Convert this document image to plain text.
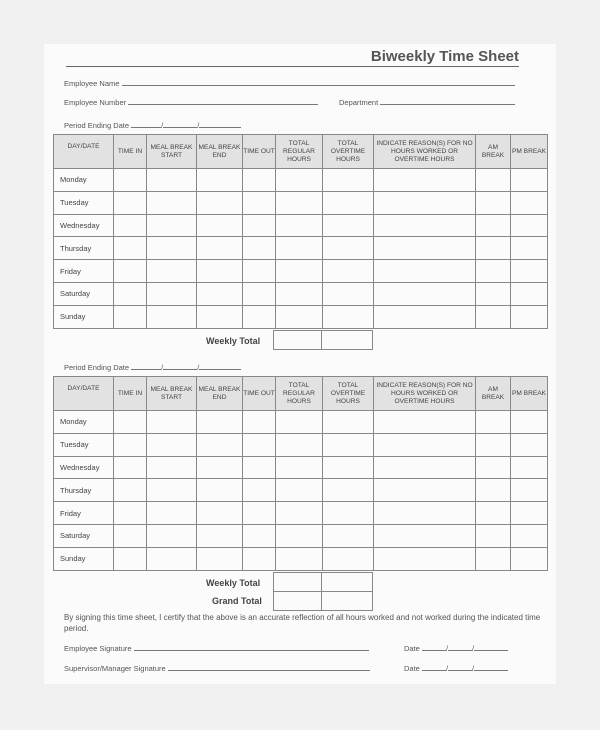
Biweekly Time Sheet
Employee Name
Employee Number	Department
Period Ending Date	/	/
DAY/DATE	TIME IN	MEAL BREAK START	MEAL BREAK END	TIME OUT	TOTAL REGULAR HOURS	TOTAL OVERTIME HOURS	INDICATE REASON(S) FOR NO HOURS WORKED OR OVERTIME HOURS	AM BREAK	PM BREAK
Monday									
Tuesday									
Wednesday									
Thursday									
Friday									
Saturday									
Sunday									
Weekly Total
Period Ending Date	/	/
DAY/DATE	TIME IN	MEAL BREAK START	MEAL BREAK END	TIME OUT	TOTAL REGULAR HOURS	TOTAL OVERTIME HOURS	INDICATE REASON(S) FOR NO HOURS WORKED OR OVERTIME HOURS	AM BREAK	PM BREAK
Monday									
Tuesday									
Wednesday									
Thursday									
Friday									
Saturday									
Sunday									
Weekly Total
Grand Total
By signing this time sheet, I certify that the above is an accurate reflection of all hours worked and not worked during the indicated time period.
Employee Signature	Date	/	/
Supervisor/Manager Signature	Date	/	/
